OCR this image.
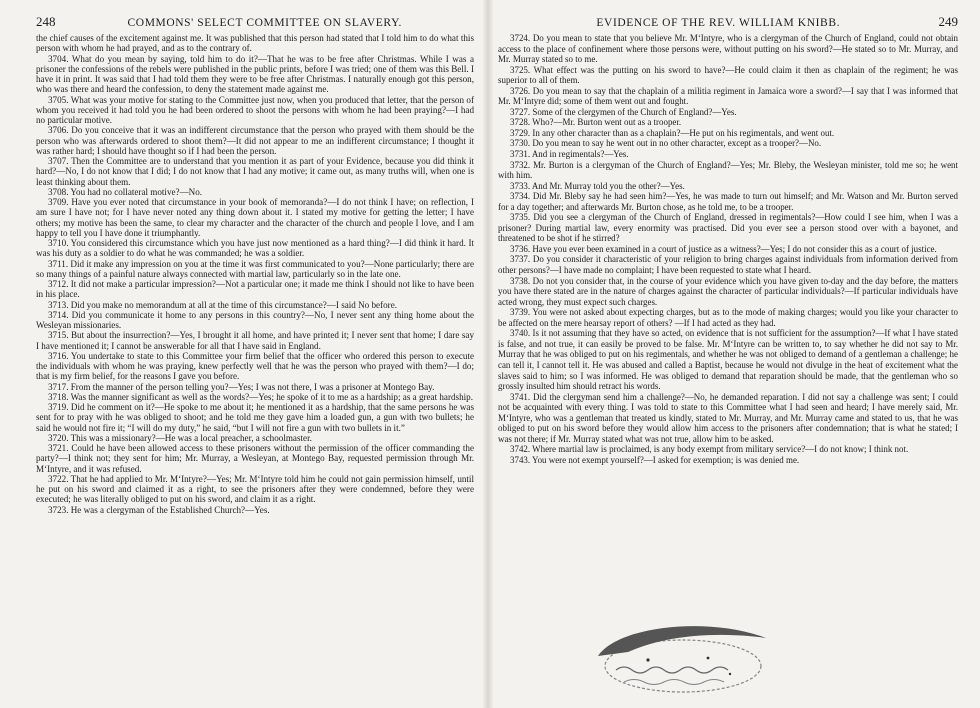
248	COMMONS' SELECT COMMITTEE ON SLAVERY.

the chief causes of the excitement against me. It was published that this person had stated that I told him to do what this person with whom he had prayed, and as to the contrary of.

3704. What do you mean by saying, told him to do it?—That he was to be free after Christmas. While I was a prisoner the confessions of the rebels were published in the public prints, before I was tried; one of them was this Bell. I have it in print. It was said that I had told them they were to be free after Christmas. I naturally enough got this person, who was there and heard the confession, to deny the statement made against me.

3705. What was your motive for stating to the Committee just now, when you produced that letter, that the person of whom you received it had told you he had been ordered to shoot the persons with whom he had been praying?—I had no particular motive.

3706. Do you conceive that it was an indifferent circumstance that the person who prayed with them should be the person who was afterwards ordered to shoot them?—It did not appear to me an indifferent circumstance; I thought it was rather hard; I should have thought so if I had been the person.

3707. Then the Committee are to understand that you mention it as part of your Evidence, because you did think it hard?—No, I do not know that I did; I do not know that I had any motive; it came out, as many truths will, when one is least thinking about them.

3708. You had no collateral motive?—No.

3709. Have you ever noted that circumstance in your book of memoranda?—I do not think I have; on reflection, I am sure I have not; for I have never noted any thing down about it. I stated my motive for getting the letter; I have others; my motive has been the same, to clear my character and the character of the church and people I love, and I am happy to tell you I have done it triumphantly.

3710. You considered this circumstance which you have just now mentioned as a hard thing?—I did think it hard. It was his duty as a soldier to do what he was commanded; he was a soldier.

3711. Did it make any impression on you at the time it was first communicated to you?—None particularly; there are so many things of a painful nature always connected with martial law, particularly so in the late one.

3712. It did not make a particular impression?—Not a particular one; it made me think I should not like to have been in his place.

3713. Did you make no memorandum at all at the time of this circumstance?—I said No before.

3714. Did you communicate it home to any persons in this country?—No, I never sent any thing home about the Wesleyan missionaries.

3715. But about the insurrection?—Yes, I brought it all home, and have printed it; I never sent that home; I dare say I have mentioned it; I cannot be answerable for all that I have said in England.

3716. You undertake to state to this Committee your firm belief that the officer who ordered this person to execute the individuals with whom he was praying, knew perfectly well that he was the person who prayed with them?—I do; that is my firm belief, for the reasons I gave you before.

3717. From the manner of the person telling you?—Yes; I was not there, I was a prisoner at Montego Bay.

3718. Was the manner significant as well as the words?—Yes; he spoke of it to me as a hardship; as a great hardship.

3719. Did he comment on it?—He spoke to me about it; he mentioned it as a hardship, that the same persons he was sent for to pray with he was obliged to shoot; and he told me they gave him a loaded gun, a gun with two bullets; he said he would not fire it; “I will do my duty,” he said, “but I will not fire a gun with two bullets in it.”

3720. This was a missionary?—He was a local preacher, a schoolmaster.

3721. Could he have been allowed access to these prisoners without the permission of the officer commanding the party?—I think not; they sent for him; Mr. Murray, a Wesleyan, at Montego Bay, requested permission through Mr. M‘Intyre, and it was refused.

3722. That he had applied to Mr. M‘Intyre?—Yes; Mr. M‘Intyre told him he could not gain permission himself, until he put on his sword and claimed it as a right, to see the prisoners after they were condemned, before they were executed; he was literally obliged to put on his sword, and claim it as a right.

3723. He was a clergyman of the Established Church?—Yes.

EVIDENCE OF THE REV. WILLIAM KNIBB.	249

3724. Do you mean to state that you believe Mr. M‘Intyre, who is a clergyman of the Church of England, could not obtain access to the place of confinement where those persons were, without putting on his sword?—He stated so to Mr. Murray, and Mr. Murray stated so to me.

3725. What effect was the putting on his sword to have?—He could claim it then as chaplain of the regiment; he was superior to all of them.

3726. Do you mean to say that the chaplain of a militia regiment in Jamaica wore a sword?—I say that I was informed that Mr. M‘Intyre did; some of them went out and fought.

3727. Some of the clergymen of the Church of England?—Yes.

3728. Who?—Mr. Burton went out as a trooper.

3729. In any other character than as a chaplain?—He put on his regimentals, and went out.

3730. Do you mean to say he went out in no other character, except as a trooper?—No.

3731. And in regimentals?—Yes.

3732. Mr. Burton is a clergyman of the Church of England?—Yes; Mr. Bleby, the Wesleyan minister, told me so; he went with him.

3733. And Mr. Murray told you the other?—Yes.

3734. Did Mr. Bleby say he had seen him?—Yes, he was made to turn out himself; and Mr. Watson and Mr. Burton served for a day together; and afterwards Mr. Burton chose, as he told me, to be a trooper.

3735. Did you see a clergyman of the Church of England, dressed in regimentals?—How could I see him, when I was a prisoner? During martial law, every enormity was practised. Did you ever see a person stood over with a bayonet, and threatened to be shot if he stirred?

3736. Have you ever been examined in a court of justice as a witness?—Yes; I do not consider this as a court of justice.

3737. Do you consider it characteristic of your religion to bring charges against individuals from information derived from other persons?—I have made no complaint; I have been requested to state what I heard.

3738. Do not you consider that, in the course of your evidence which you have given to-day and the day before, the matters you have there stated are in the nature of charges against the character of particular individuals?—If particular individuals have acted wrong, they must expect such charges.

3739. You were not asked about expecting charges, but as to the mode of making charges; would you like your character to be affected on the mere hearsay report of others? —If I had acted as they had.

3740. Is it not assuming that they have so acted, on evidence that is not sufficient for the assumption?—If what I have stated is false, and not true, it can easily be proved to be false. Mr. M‘Intyre can be written to, to say whether he did not say to Mr. Murray that he was obliged to put on his regimentals, and whether he was not obliged to demand of a gentleman a challenge; he can tell it, I cannot tell it. He was abused and called a Baptist, because he would not divulge in the heat of excitement what the slaves said to him; so I was informed. He was obliged to demand that reparation should be made, that the gentleman who so grossly insulted him should retract his words.

3741. Did the clergyman send him a challenge?—No, he demanded reparation. I did not say a challenge was sent; I could not be acquainted with every thing. I was told to state to this Committee what I had seen and heard; I have merely said, Mr. M‘Intyre, who was a gentleman that treated us kindly, stated to Mr. Murray, and Mr. Murray came and stated to us, that he was obliged to put on his sword before they would allow him access to the prisoners after condemnation; that is what he stated; I was not there; if Mr. Murray stated what was not true, allow him to be asked.

3742. Where martial law is proclaimed, is any body exempt from military service?—I do not know; I think not.

3743. You were not exempt yourself?—I asked for exemption; is was denied me.
